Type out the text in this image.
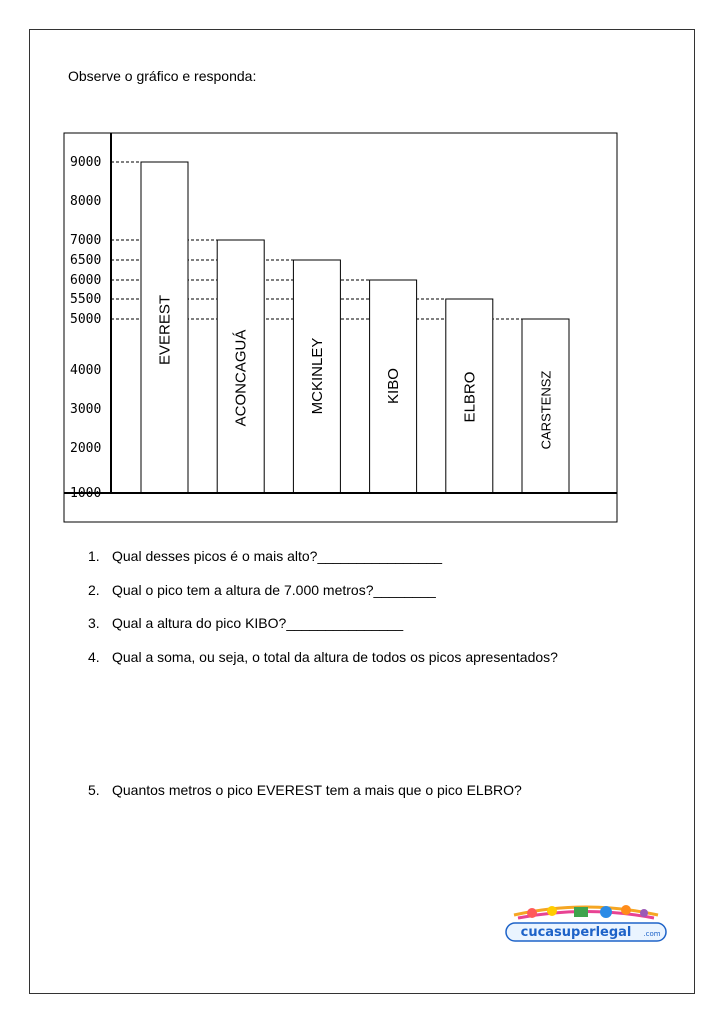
Observe o gráfico e responda:

EVEREST	ACONCAGUÁ	MCKINLEY	KIBO	ELBRO	CARSTENSZ
9000
8000
7000
6500
6000
5500
5000
4000
3000
2000
1000
1. Qual desses picos é o mais alto?________________
2. Qual o pico tem a altura de 7.000 metros?________
3. Qual a altura do pico KIBO?_______________
4. Qual a soma, ou seja, o total da altura de todos os picos apresentados?
5. Quantos metros o pico EVEREST tem a mais que o pico ELBRO?
cucasuperlegal .com
